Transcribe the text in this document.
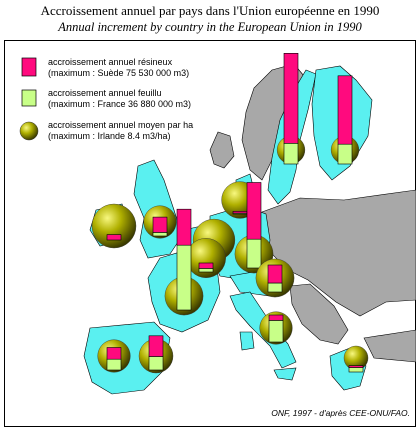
Accroissement annuel par pays dans l'Union européenne en 1990
Annual increment by country in the European Union in 1990
accroissement annuel résineux
(maximum : Suède 75 530 000 m3)
accroissement annuel feuillu
(maximum : France 36 880 000 m3)
accroissement annuel moyen par ha
(maximum : Irlande 8.4 m3/ha)
ONF, 1997 - d'après CEE-ONU/FAO.
